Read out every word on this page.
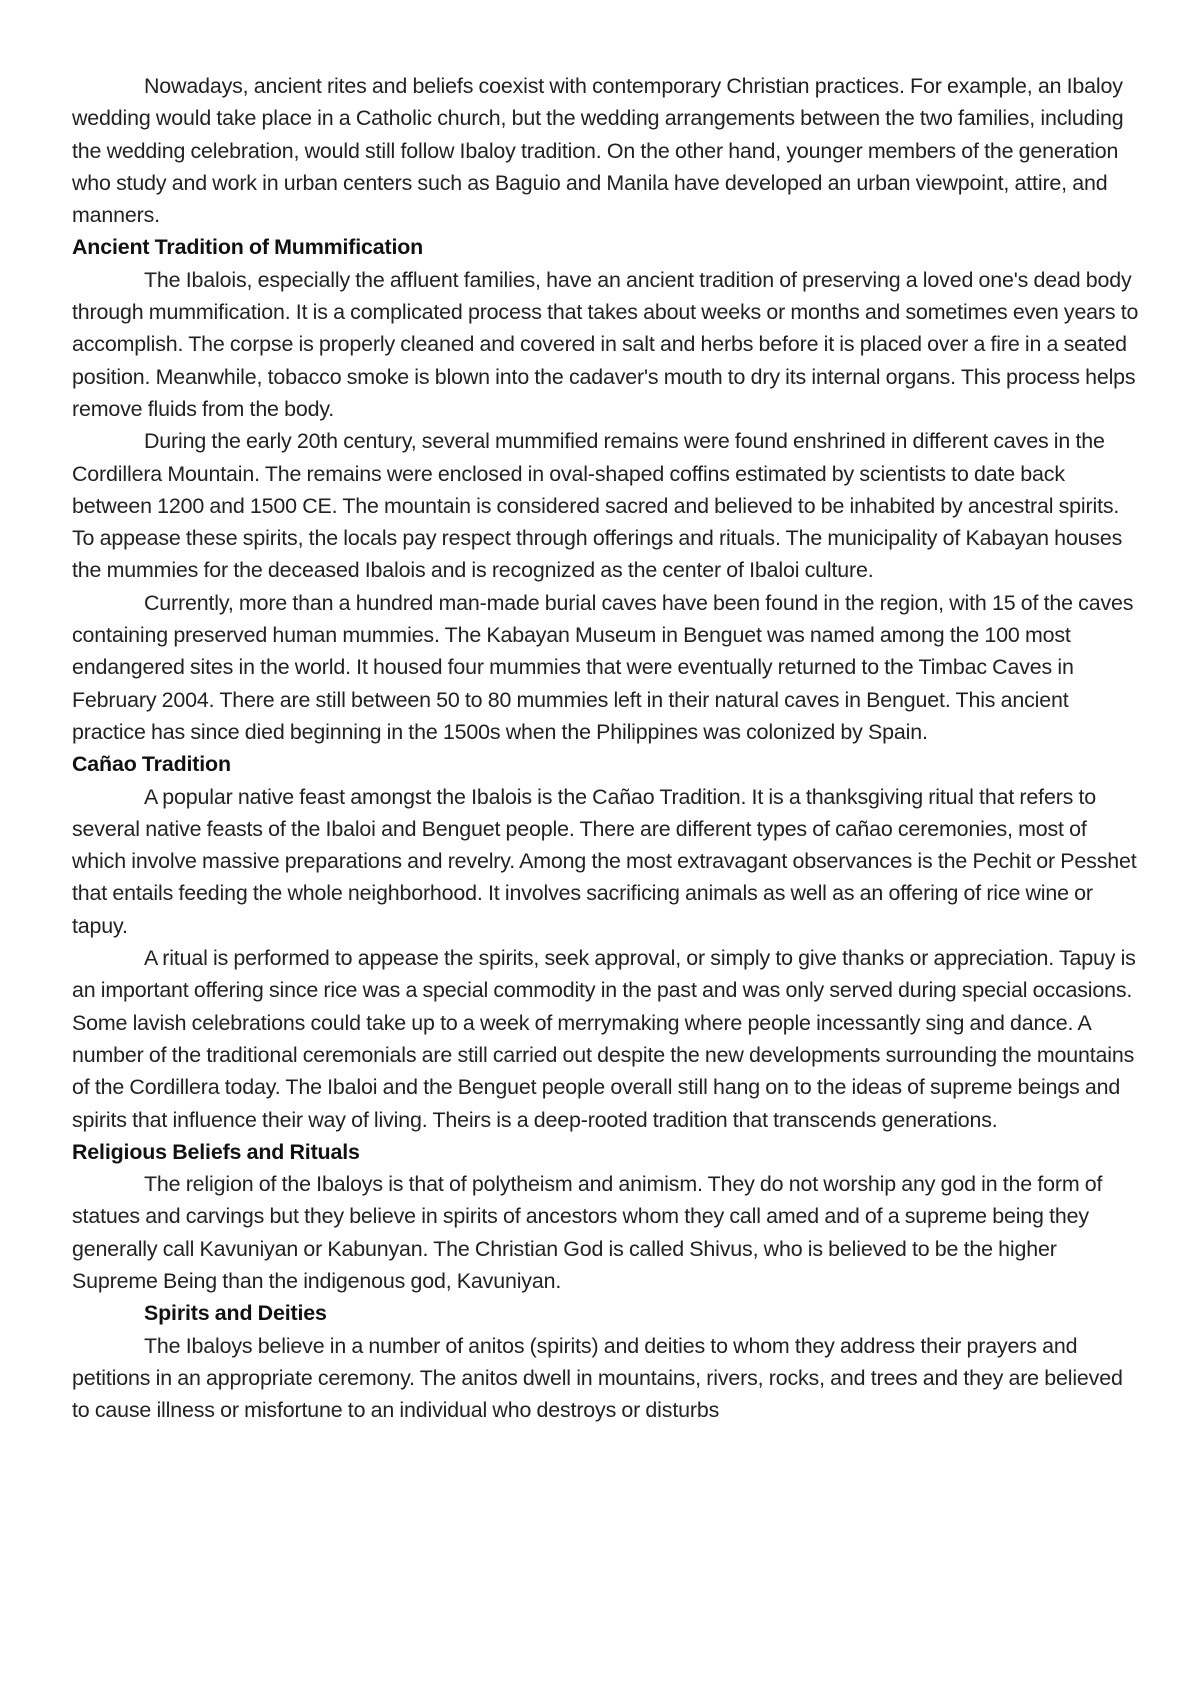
Nowadays, ancient rites and beliefs coexist with contemporary Christian practices. For example, an Ibaloy wedding would take place in a Catholic church, but the wedding arrangements between the two families, including the wedding celebration, would still follow Ibaloy tradition. On the other hand, younger members of the generation who study and work in urban centers such as Baguio and Manila have developed an urban viewpoint, attire, and manners.

Ancient Tradition of Mummification

The Ibalois, especially the affluent families, have an ancient tradition of preserving a loved one's dead body through mummification. It is a complicated process that takes about weeks or months and sometimes even years to accomplish. The corpse is properly cleaned and covered in salt and herbs before it is placed over a fire in a seated position. Meanwhile, tobacco smoke is blown into the cadaver's mouth to dry its internal organs. This process helps remove fluids from the body.

During the early 20th century, several mummified remains were found enshrined in different caves in the Cordillera Mountain. The remains were enclosed in oval-shaped coffins estimated by scientists to date back between 1200 and 1500 CE. The mountain is considered sacred and believed to be inhabited by ancestral spirits. To appease these spirits, the locals pay respect through offerings and rituals. The municipality of Kabayan houses the mummies for the deceased Ibalois and is recognized as the center of Ibaloi culture.

Currently, more than a hundred man-made burial caves have been found in the region, with 15 of the caves containing preserved human mummies. The Kabayan Museum in Benguet was named among the 100 most endangered sites in the world. It housed four mummies that were eventually returned to the Timbac Caves in February 2004. There are still between 50 to 80 mummies left in their natural caves in Benguet. This ancient practice has since died beginning in the 1500s when the Philippines was colonized by Spain.

Cañao Tradition

A popular native feast amongst the Ibalois is the Cañao Tradition. It is a thanksgiving ritual that refers to several native feasts of the Ibaloi and Benguet people. There are different types of cañao ceremonies, most of which involve massive preparations and revelry. Among the most extravagant observances is the Pechit or Pesshet that entails feeding the whole neighborhood. It involves sacrificing animals as well as an offering of rice wine or tapuy.

A ritual is performed to appease the spirits, seek approval, or simply to give thanks or appreciation. Tapuy is an important offering since rice was a special commodity in the past and was only served during special occasions. Some lavish celebrations could take up to a week of merrymaking where people incessantly sing and dance. A number of the traditional ceremonials are still carried out despite the new developments surrounding the mountains of the Cordillera today. The Ibaloi and the Benguet people overall still hang on to the ideas of supreme beings and spirits that influence their way of living. Theirs is a deep-rooted tradition that transcends generations.

Religious Beliefs and Rituals

The religion of the Ibaloys is that of polytheism and animism. They do not worship any god in the form of statues and carvings but they believe in spirits of ancestors whom they call amed and of a supreme being they generally call Kavuniyan or Kabunyan. The Christian God is called Shivus, who is believed to be the higher Supreme Being than the indigenous god, Kavuniyan.

Spirits and Deities

The Ibaloys believe in a number of anitos (spirits) and deities to whom they address their prayers and petitions in an appropriate ceremony. The anitos dwell in mountains, rivers, rocks, and trees and they are believed to cause illness or misfortune to an individual who destroys or disturbs
